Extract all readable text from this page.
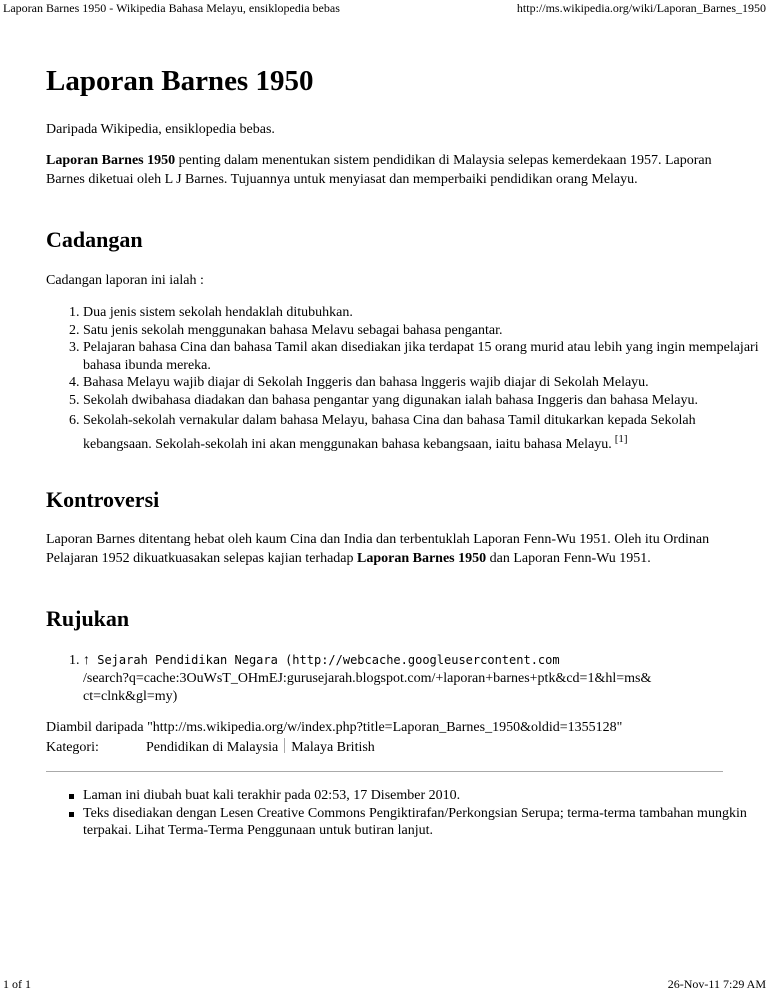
Laporan Barnes 1950 - Wikipedia Bahasa Melayu, ensiklopedia bebas	http://ms.wikipedia.org/wiki/Laporan_Barnes_1950
Laporan Barnes 1950

Daripada Wikipedia, ensiklopedia bebas.

Laporan Barnes 1950 penting dalam menentukan sistem pendidikan di Malaysia selepas kemerdekaan 1957. Laporan Barnes diketuai oleh L J Barnes. Tujuannya untuk menyiasat dan memperbaiki pendidikan orang Melayu.

Cadangan

Cadangan laporan ini ialah :

1. Dua jenis sistem sekolah hendaklah ditubuhkan.
2. Satu jenis sekolah menggunakan bahasa Melavu sebagai bahasa pengantar.
3. Pelajaran bahasa Cina dan bahasa Tamil akan disediakan jika terdapat 15 orang murid atau lebih yang ingin mempelajari bahasa ibunda mereka.
4. Bahasa Melayu wajib diajar di Sekolah Inggeris dan bahasa lnggeris wajib diajar di Sekolah Melayu.
5. Sekolah dwibahasa diadakan dan bahasa pengantar yang digunakan ialah bahasa Inggeris dan bahasa Melayu.
6. Sekolah-sekolah vernakular dalam bahasa Melayu, bahasa Cina dan bahasa Tamil ditukarkan kepada Sekolah kebangsaan. Sekolah-sekolah ini akan menggunakan bahasa kebangsaan, iaitu bahasa Melayu. [1]
Kontroversi

Laporan Barnes ditentang hebat oleh kaum Cina dan India dan terbentuklah Laporan Fenn-Wu 1951. Oleh itu Ordinan Pelajaran 1952 dikuatkuasakan selepas kajian terhadap Laporan Barnes 1950 dan Laporan Fenn-Wu 1951.

Rujukan
1. ↑ Sejarah Pendidikan Negara (http://webcache.googleusercontent.com
/search?q=cache:3OuWsT_OHmEJ:gurusejarah.blogspot.com/+laporan+barnes+ptk&cd=1&hl=ms&
ct=clnk&gl=my)

Diambil daripada "http://ms.wikipedia.org/w/index.php?title=Laporan_Barnes_1950&oldid=1355128"

Kategori:	Pendidikan di Malaysia Malaya British
Laman ini diubah buat kali terakhir pada 02:53, 17 Disember 2010.
Teks disediakan dengan Lesen Creative Commons Pengiktirafan/Perkongsian Serupa; terma-terma tambahan mungkin terpakai. Lihat Terma-Terma Penggunaan untuk butiran lanjut.
1 of 1	26-Nov-11 7:29 AM
